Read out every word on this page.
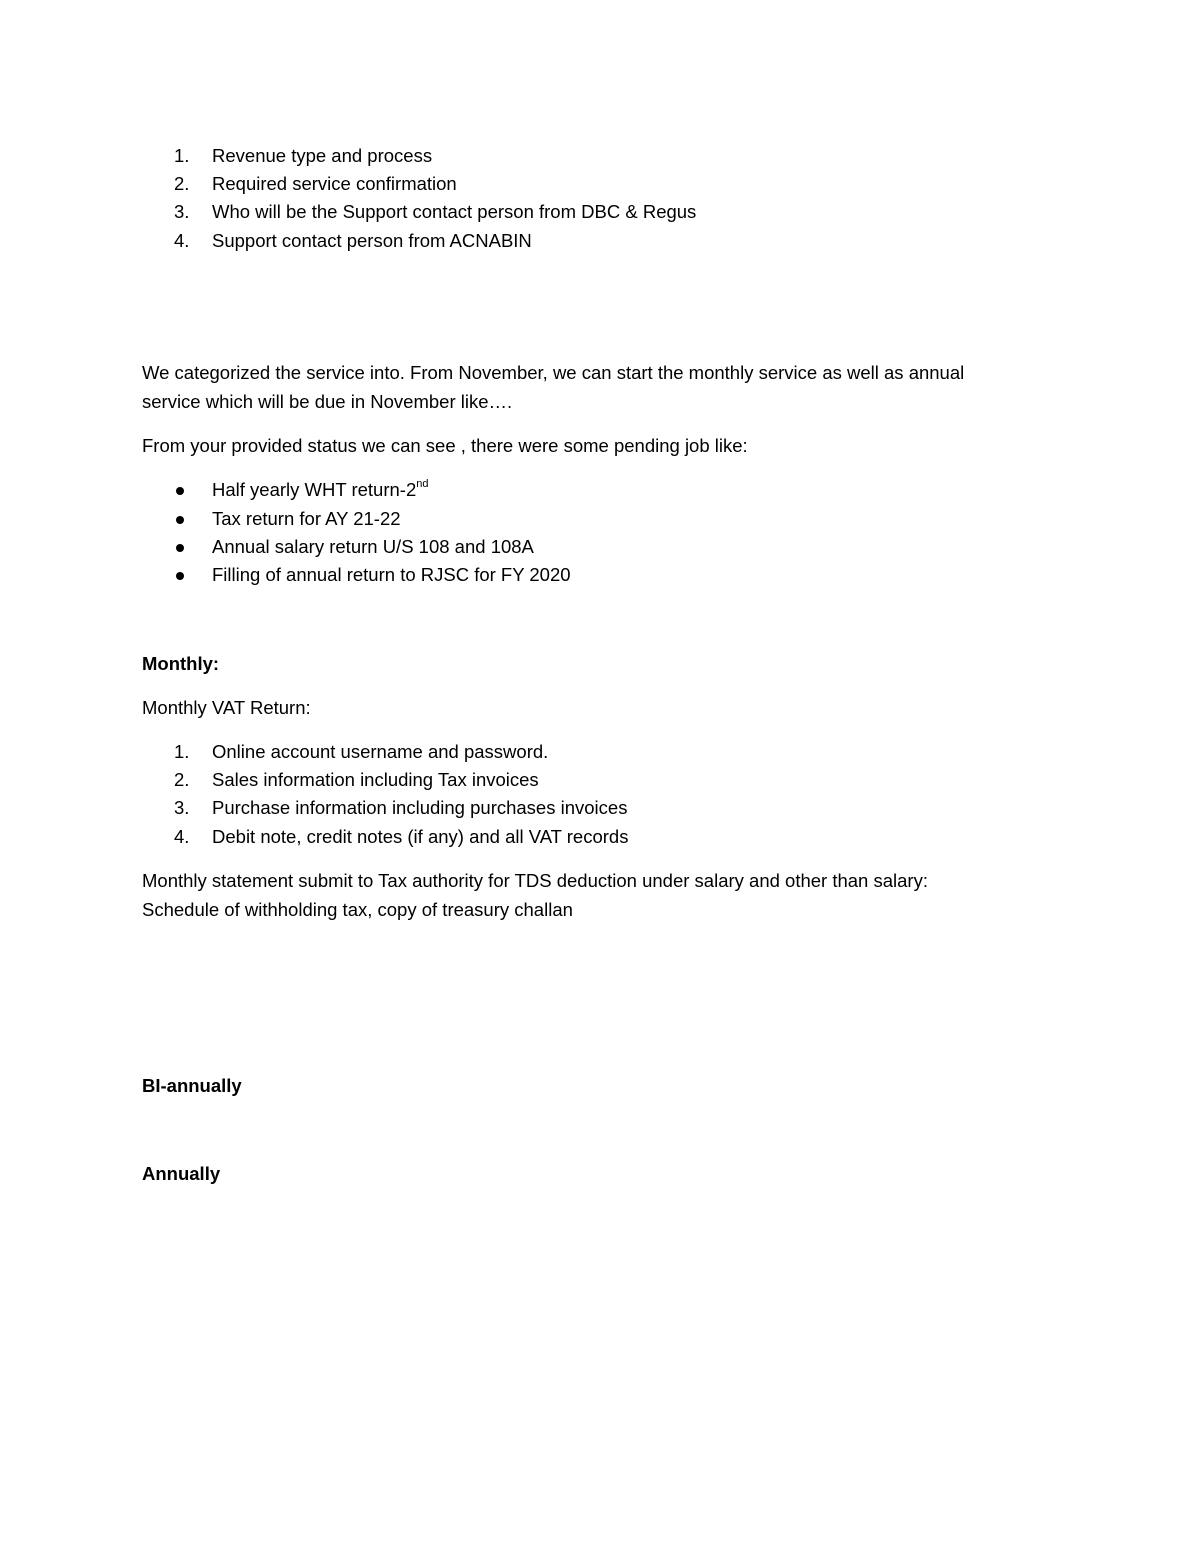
1. Revenue type and process
2. Required service confirmation
3. Who will be the Support contact person from DBC & Regus
4. Support contact person from ACNABIN
We categorized the service into. From November, we can start the monthly service as well as annual
service which will be due in November like….
From your provided status we can see , there were some pending job like:
Half yearly WHT return-2nd
Tax return for AY 21-22
Annual salary return U/S 108 and 108A
Filling of annual return to RJSC for FY 2020
Monthly:
Monthly VAT Return:
1. Online account username and password.
2. Sales information including Tax invoices
3. Purchase information including purchases invoices
4. Debit note, credit notes (if any) and all VAT records
Monthly statement submit to Tax authority for TDS deduction under salary and other than salary:
Schedule of withholding tax, copy of treasury challan
BI-annually
Annually
